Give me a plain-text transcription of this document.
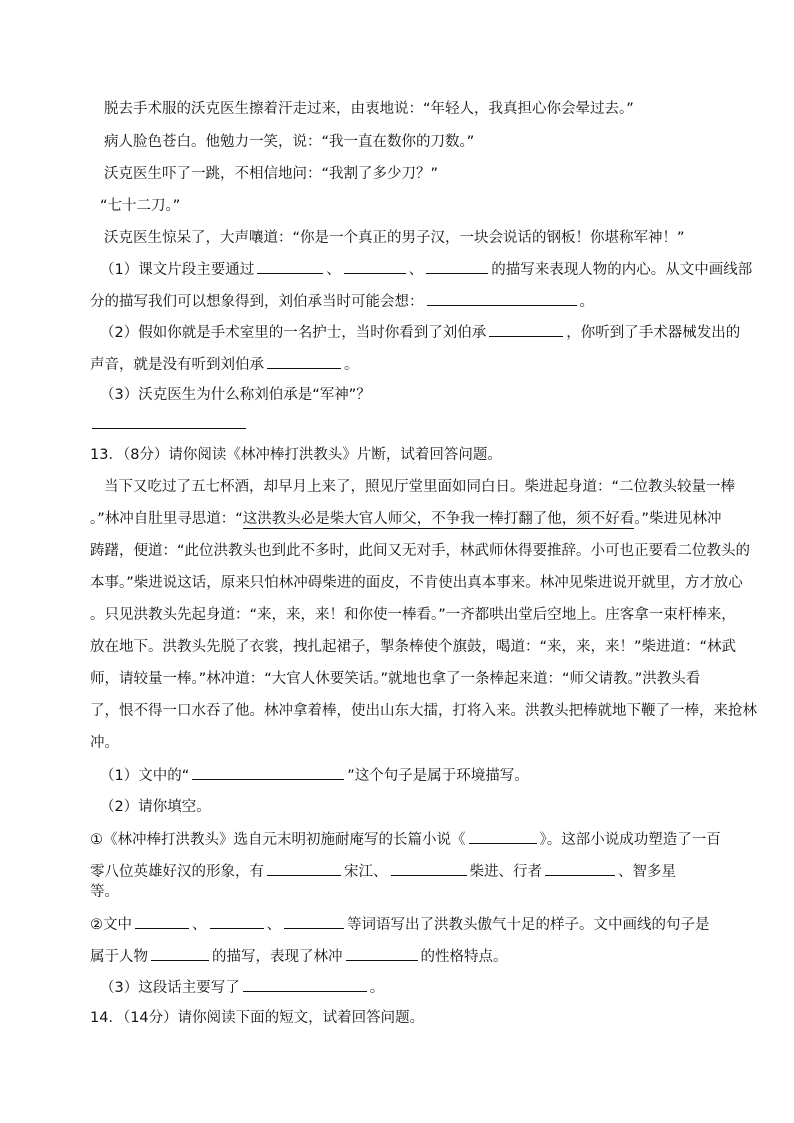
脱去手术服的沃克医生擦着汗走过来，由衷地说：“年轻人，我真担心你会晕过去。”
病人脸色苍白。他勉力一笑，说：“我一直在数你的刀数。”
沃克医生吓了一跳，不相信地问：“我割了多少刀？”
“七十二刀。”
沃克医生惊呆了，大声嚷道：“你是一个真正的男子汉，一块会说话的钢板！你堪称军神！”
（1）课文片段主要通过	、	、	的描写来表现人物的内心。从文中画线部
分的描写我们可以想象得到，刘伯承当时可能会想：	。
（2）假如你就是手术室里的一名护士，当时你看到了刘伯承	，你听到了手术器械发出的
声音，就是没有听到刘伯承	。
（3）沃克医生为什么称刘伯承是“军神”？
13．（8分）请你阅读《林冲棒打洪教头》片断，试着回答问题。
当下又吃过了五七杯酒，却早月上来了，照见厅堂里面如同白日。柴进起身道：“二位教头较量一棒
。”林冲自肚里寻思道：“这洪教头必是柴大官人师父，不争我一棒打翻了他，须不好看。”柴进见林冲
踌躇，便道：“此位洪教头也到此不多时，此间又无对手，林武师休得要推辞。小可也正要看二位教头的
本事。”柴进说这话，原来只怕林冲碍柴进的面皮，不肯使出真本事来。林冲见柴进说开就里，方才放心
。只见洪教头先起身道：“来，来，来！和你使一棒看。”一齐都哄出堂后空地上。庄客拿一束杆棒来，
放在地下。洪教头先脱了衣裳，拽扎起裙子，掣条棒使个旗鼓，喝道：“来，来，来！”柴进道：“林武
师，请较量一棒。”林冲道：“大官人休要笑话。”就地也拿了一条棒起来道：“师父请教。”洪教头看
了，恨不得一口水吞了他。林冲拿着棒，使出山东大擂，打将入来。洪教头把棒就地下鞭了一棒，来抢林
冲。
（1）文中的“	”这个句子是属于环境描写。
（2）请你填空。
①《林冲棒打洪教头》选自元末明初施耐庵写的长篇小说《	》。这部小说成功塑造了一百
零八位英雄好汉的形象，有	宋江、	柴进、行者	、智多星
等。
②文中	、	、	等词语写出了洪教头傲气十足的样子。文中画线的句子是
属于人物	的描写，表现了林冲	的性格特点。
（3）这段话主要写了	。
14．（14分）请你阅读下面的短文，试着回答问题。
